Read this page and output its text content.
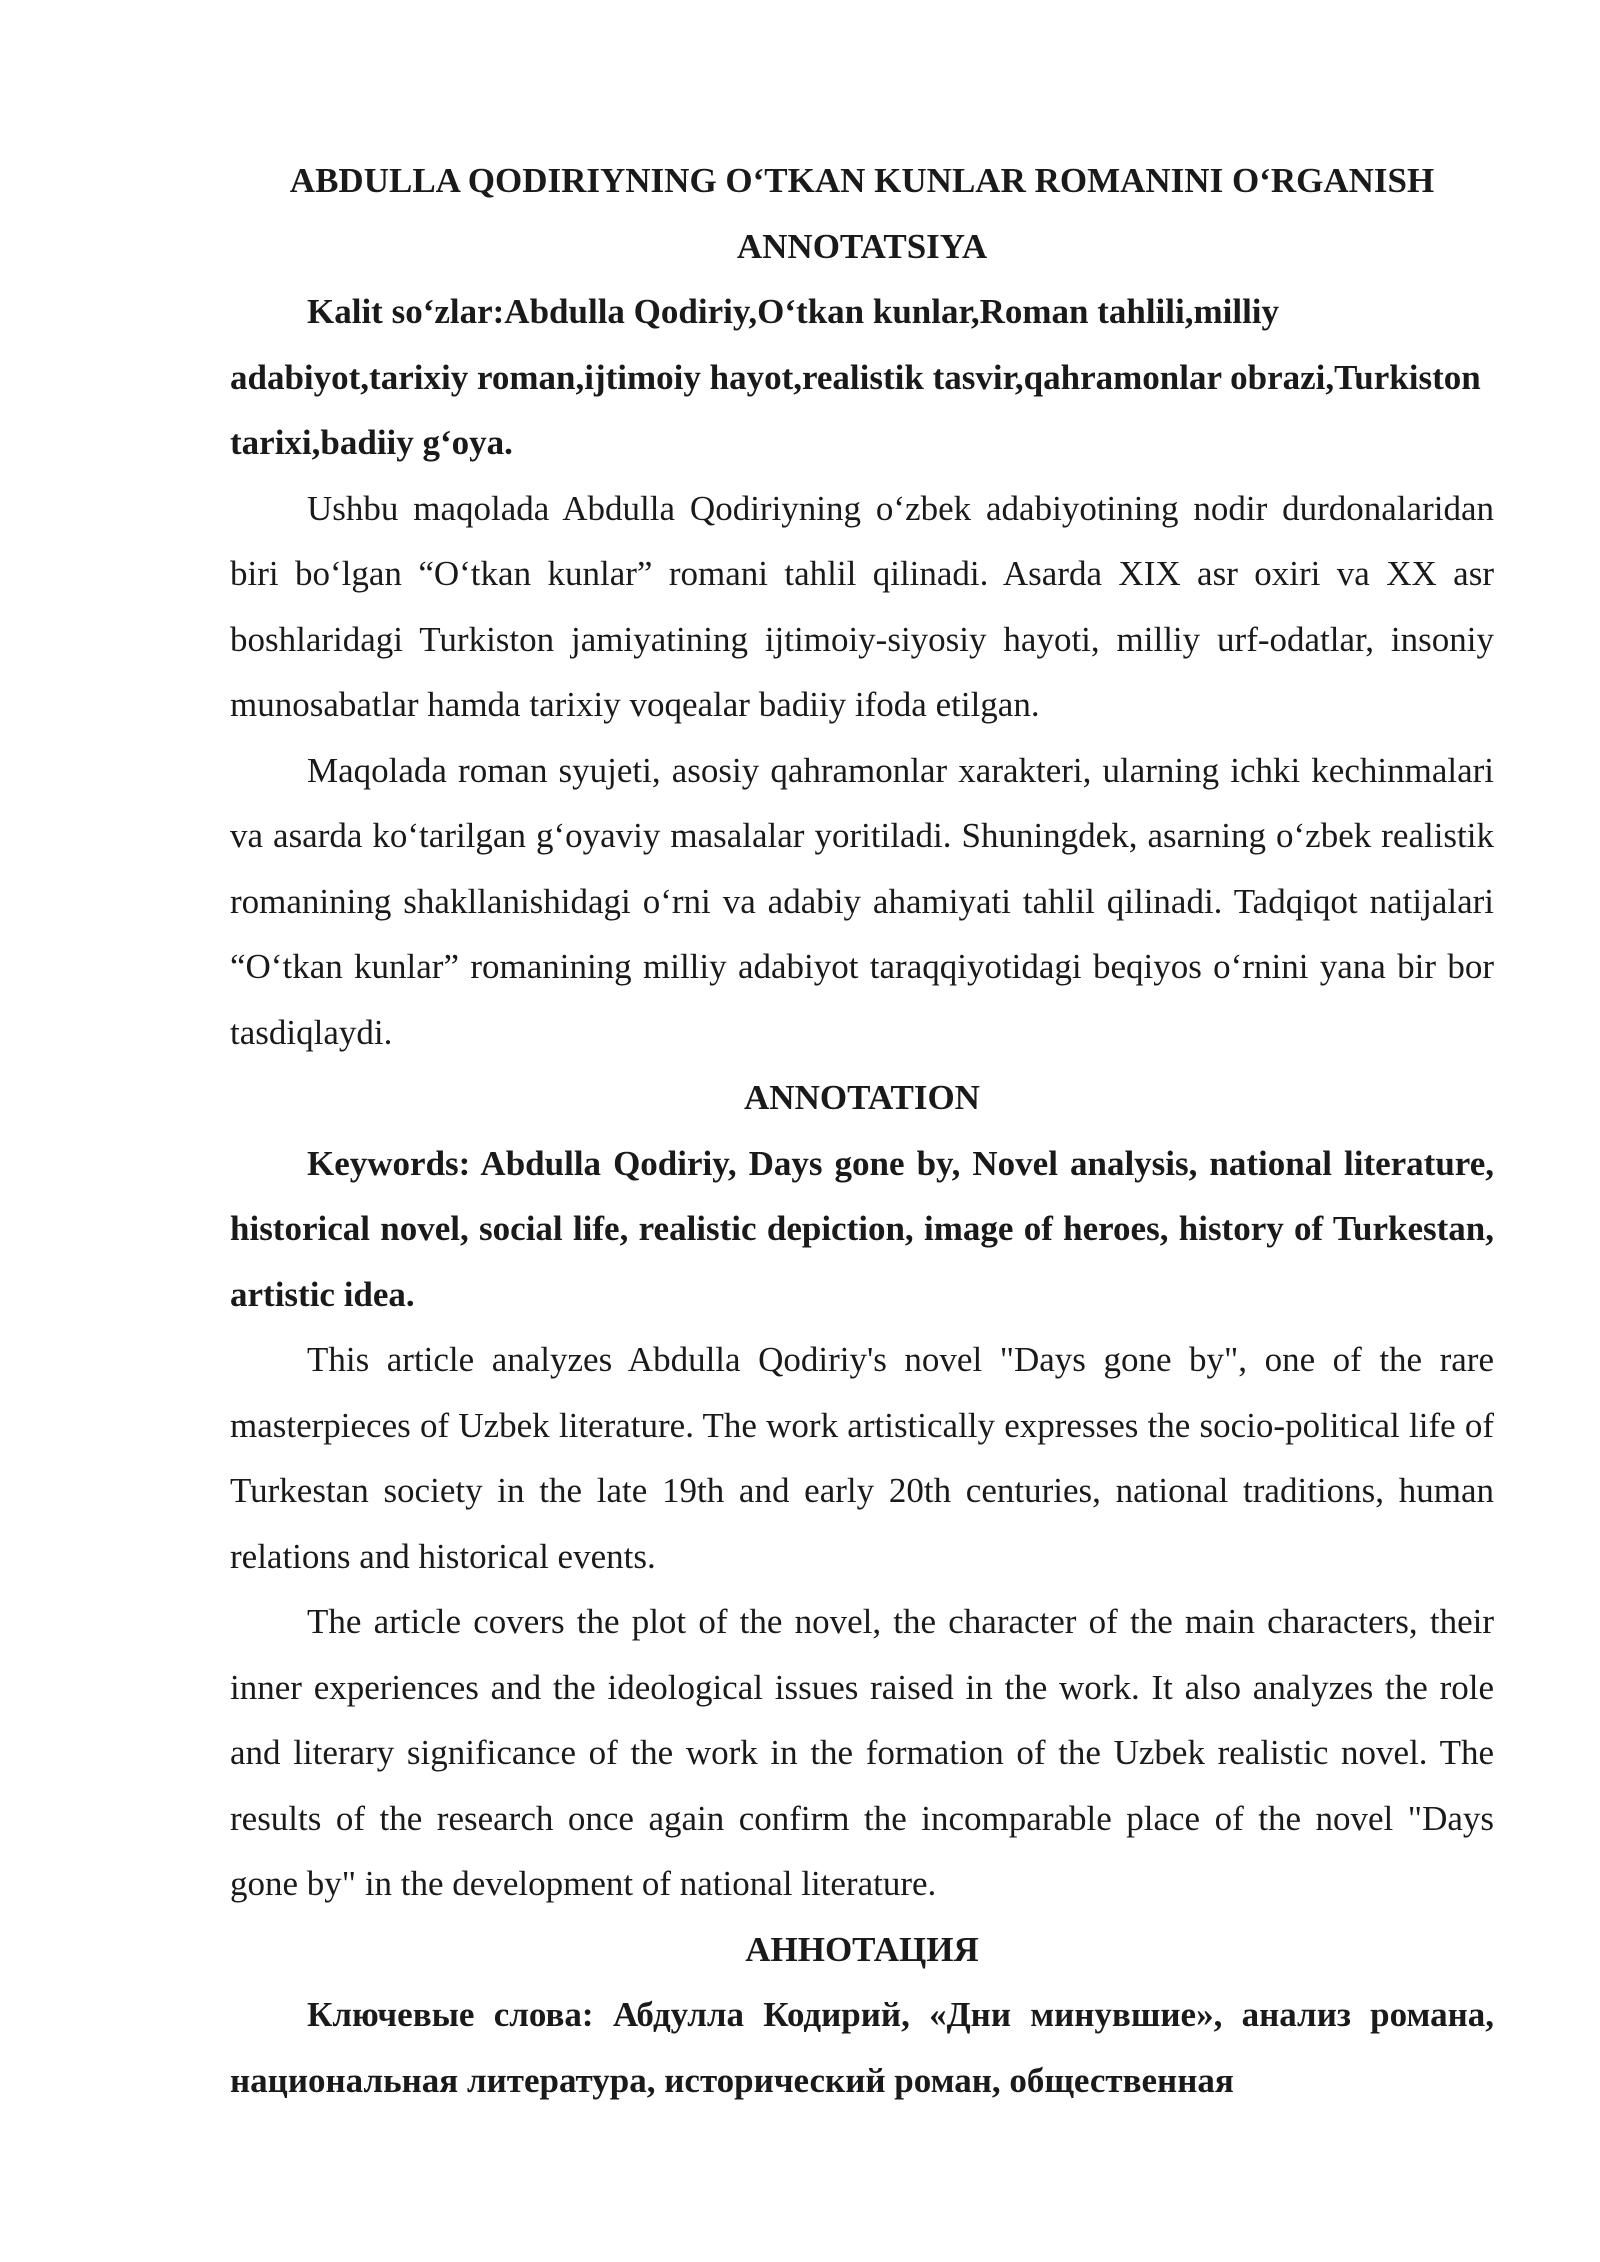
ABDULLA QODIRIYNING O‘TKAN KUNLAR ROMANINI O‘RGANISH
ANNOTATSIYA

Kalit so‘zlar:Abdulla Qodiriy,O‘tkan kunlar,Roman tahlili,milliy adabiyot,tarixiy roman,ijtimoiy hayot,realistik tasvir,qahramonlar obrazi,Turkiston tarixi,badiiy g‘oya.

Ushbu maqolada Abdulla Qodiriyning o‘zbek adabiyotining nodir durdonalaridan biri bo‘lgan “O‘tkan kunlar” romani tahlil qilinadi. Asarda XIX asr oxiri va XX asr boshlaridagi Turkiston jamiyatining ijtimoiy-siyosiy hayoti, milliy urf-odatlar, insoniy munosabatlar hamda tarixiy voqealar badiiy ifoda etilgan.

Maqolada roman syujeti, asosiy qahramonlar xarakteri, ularning ichki kechinmalari va asarda ko‘tarilgan g‘oyaviy masalalar yoritiladi. Shuningdek, asarning o‘zbek realistik romanining shakllanishidagi o‘rni va adabiy ahamiyati tahlil qilinadi. Tadqiqot natijalari “O‘tkan kunlar” romanining milliy adabiyot taraqqiyotidagi beqiyos o‘rnini yana bir bor tasdiqlaydi.

ANNOTATION

Keywords: Abdulla Qodiriy, Days gone by, Novel analysis, national literature, historical novel, social life, realistic depiction, image of heroes, history of Turkestan, artistic idea.

This article analyzes Abdulla Qodiriy's novel "Days gone by", one of the rare masterpieces of Uzbek literature. The work artistically expresses the socio-political life of Turkestan society in the late 19th and early 20th centuries, national traditions, human relations and historical events.

The article covers the plot of the novel, the character of the main characters, their inner experiences and the ideological issues raised in the work. It also analyzes the role and literary significance of the work in the formation of the Uzbek realistic novel. The results of the research once again confirm the incomparable place of the novel "Days gone by" in the development of national literature.

АННОТАЦИЯ

Ключевые слова: Абдулла Кодирий, «Дни минувшие», анализ романа, национальная литература, исторический роман, общественная
